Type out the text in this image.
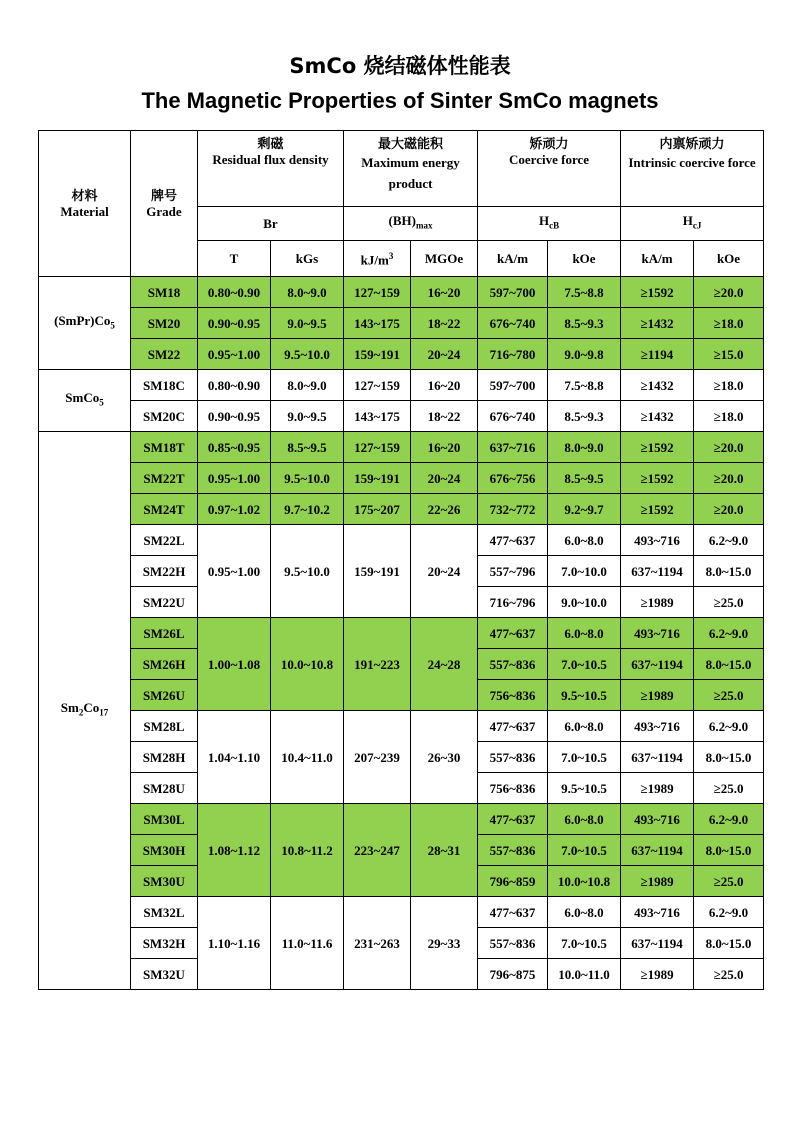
SmCo 烧结磁体性能表
The Magnetic Properties of Sinter SmCo magnets
材料
Material	牌号
Grade	剩磁
Residual flux density		最大磁能积
Maximum energy product		矫顽力
Coercive force		内禀矫顽力
Intrinsic coercive force	

		Br		$(BH)_{max}$		$H_{cB}$		$H_{cJ}$
		T	kGs	$kJ/m^3$	MGOe	kA/m	kOe	kA/m	kOe
$(SmPr)Co_5$	SM18	0.80~0.90	8.0~9.0	127~159	16~20	597~700	7.5~8.8	≥1592	≥20.0
	SM20	0.90~0.95	9.0~9.5	143~175	18~22	676~740	8.5~9.3	≥1432	≥18.0
	SM22	0.95~1.00	9.5~10.0	159~191	20~24	716~780	9.0~9.8	≥1194	≥15.0
SmCo$_5$	SM18C	0.80~0.90	8.0~9.0	127~159	16~20	597~700	7.5~8.8	≥1432	≥18.0
	SM20C	0.90~0.95	9.0~9.5	143~175	18~22	676~740	8.5~9.3	≥1432	≥18.0
$Sm_2Co_{17}$	SM18T	0.85~0.95	8.5~9.5	127~159	16~20	637~716	8.0~9.0	≥1592	≥20.0
	SM22T	0.95~1.00	9.5~10.0	159~191	20~24	676~756	8.5~9.5	≥1592	≥20.0
	SM24T	0.97~1.02	9.7~10.2	175~207	22~26	732~772	9.2~9.7	≥1592	≥20.0
	SM22L	0.95~1.00	9.5~10.0	159~191	20~24	477~637	6.0~8.0	493~716	6.2~9.0
	SM22H					557~796	7.0~10.0	637~1194	8.0~15.0
	SM22U					716~796	9.0~10.0	≥1989	≥25.0
	SM26L	1.00~1.08	10.0~10.8	191~223	24~28	477~637	6.0~8.0	493~716	6.2~9.0
	SM26H					557~836	7.0~10.5	637~1194	8.0~15.0
	SM26U					756~836	9.5~10.5	≥1989	≥25.0
	SM28L	1.04~1.10	10.4~11.0	207~239	26~30	477~637	6.0~8.0	493~716	6.2~9.0
	SM28H					557~836	7.0~10.5	637~1194	8.0~15.0
	SM28U					756~836	9.5~10.5	≥1989	≥25.0
	SM30L	1.08~1.12	10.8~11.2	223~247	28~31	477~637	6.0~8.0	493~716	6.2~9.0
	SM30H					557~836	7.0~10.5	637~1194	8.0~15.0
	SM30U					796~859	10.0~10.8	≥1989	≥25.0
	SM32L	1.10~1.16	11.0~11.6	231~263	29~33	477~637	6.0~8.0	493~716	6.2~9.0
	SM32H					557~836	7.0~10.5	637~1194	8.0~15.0
	SM32U					796~875	10.0~11.0	≥1989	≥25.0
